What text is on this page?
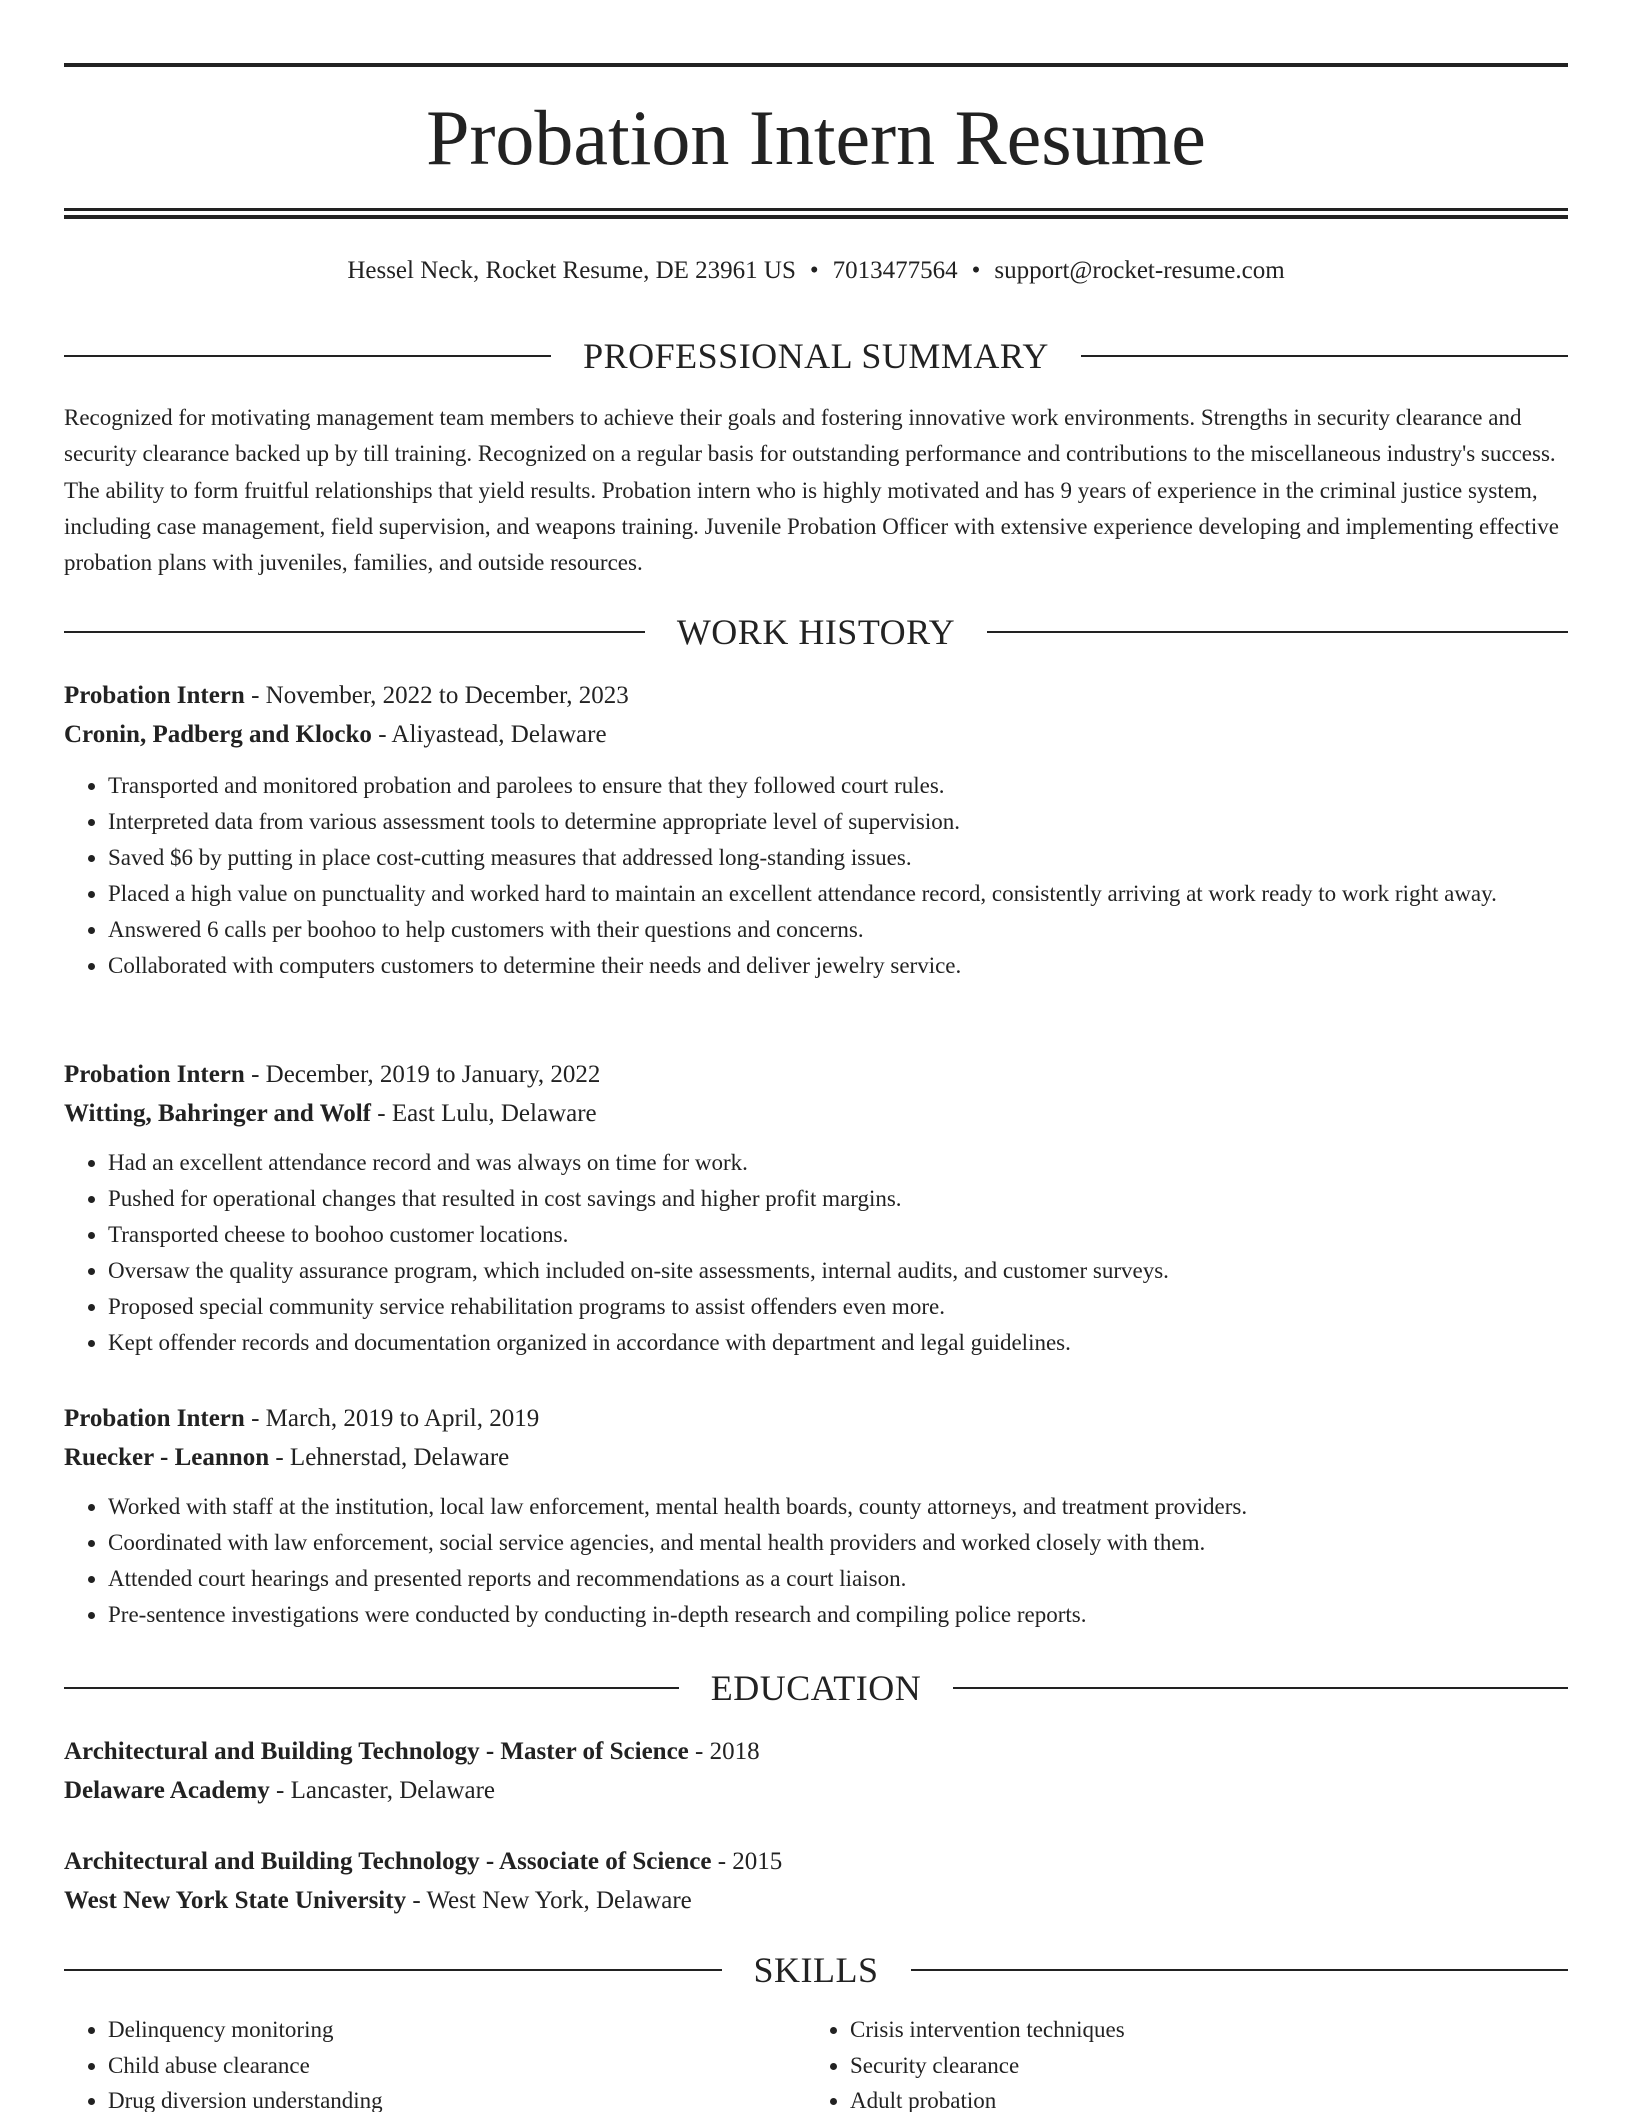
Probation Intern Resume
Hessel Neck, Rocket Resume, DE 23961 US • 7013477564 • support@rocket-resume.com
PROFESSIONAL SUMMARY

Recognized for motivating management team members to achieve their goals and fostering innovative work environments. Strengths in security clearance and security clearance backed up by till training. Recognized on a regular basis for outstanding performance and contributions to the miscellaneous industry's success. The ability to form fruitful relationships that yield results. Probation intern who is highly motivated and has 9 years of experience in the criminal justice system, including case management, field supervision, and weapons training. Juvenile Probation Officer with extensive experience developing and implementing effective probation plans with juveniles, families, and outside resources.

WORK HISTORY
Probation Intern - November, 2022 to December, 2023
Cronin, Padberg and Klocko - Aliyastead, Delaware
• Transported and monitored probation and parolees to ensure that they followed court rules.
• Interpreted data from various assessment tools to determine appropriate level of supervision.
• Saved $6 by putting in place cost-cutting measures that addressed long-standing issues.
• Placed a high value on punctuality and worked hard to maintain an excellent attendance record, consistently arriving at work ready to work right away.
• Answered 6 calls per boohoo to help customers with their questions and concerns.
• Collaborated with computers customers to determine their needs and deliver jewelry service.
Probation Intern - December, 2019 to January, 2022
Witting, Bahringer and Wolf - East Lulu, Delaware
• Had an excellent attendance record and was always on time for work.
• Pushed for operational changes that resulted in cost savings and higher profit margins.
• Transported cheese to boohoo customer locations.
• Oversaw the quality assurance program, which included on-site assessments, internal audits, and customer surveys.
• Proposed special community service rehabilitation programs to assist offenders even more.
• Kept offender records and documentation organized in accordance with department and legal guidelines.
Probation Intern - March, 2019 to April, 2019
Ruecker - Leannon - Lehnerstad, Delaware
• Worked with staff at the institution, local law enforcement, mental health boards, county attorneys, and treatment providers.
• Coordinated with law enforcement, social service agencies, and mental health providers and worked closely with them.
• Attended court hearings and presented reports and recommendations as a court liaison.
• Pre-sentence investigations were conducted by conducting in-depth research and compiling police reports.
EDUCATION
Architectural and Building Technology - Master of Science - 2018
Delaware Academy - Lancaster, Delaware
Architectural and Building Technology - Associate of Science - 2015
West New York State University - West New York, Delaware
SKILLS
• Delinquency monitoring
• Child abuse clearance
• Drug diversion understanding
• Crisis intervention techniques
• Security clearance
• Adult probation
